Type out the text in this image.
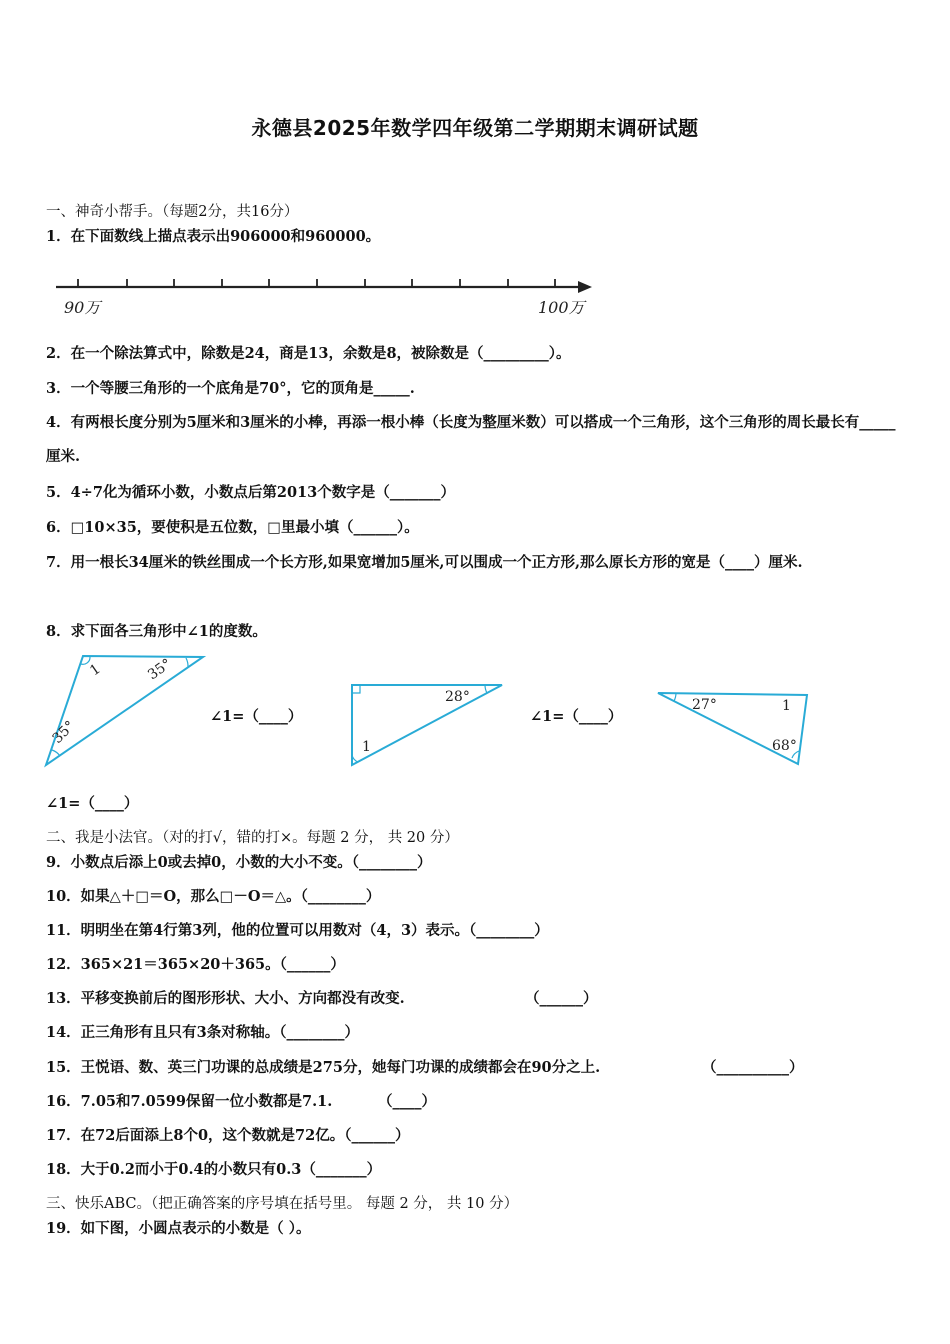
永德县2025年数学四年级第二学期期末调研试题
一、神奇小帮手。（每题2分，共16分）
1．在下面数线上描点表示出906000和960000。
90万	100万
2．在一个除法算式中，除数是24，商是13，余数是8，被除数是（_________）。
3．一个等腰三角形的一个底角是70°，它的顶角是_____.
4．有两根长度分别为5厘米和3厘米的小棒，再添一根小棒（长度为整厘米数）可以搭成一个三角形，这个三角形的周长最长有_____厘米.
5．4÷7化为循环小数，小数点后第2013个数字是（_______）
6．□10×35，要使积是五位数，□里最小填（______）。
7．用一根长34厘米的铁丝围成一个长方形,如果宽增加5厘米,可以围成一个正方形,那么原长方形的宽是（____）厘米.
8．求下面各三角形中∠1的度数。
1	35°
35°
∠1=（____）
28°
1
∠1=（____）
27°	1
68°
∠1=（____）
二、我是小法官。（对的打√，错的打×。每题 2 分， 共 20 分）
9．小数点后添上0或去掉0，小数的大小不变。（________）
10．如果△＋□＝O，那么□－O＝△。（________）
11．明明坐在第4行第3列，他的位置可以用数对（4，3）表示。（________）
12．365×21＝365×20＋365。（______）
13．平移变换前后的图形形状、大小、方向都没有改变.	（______）
14．正三角形有且只有3条对称轴。（________）
15．王悦语、数、英三门功课的总成绩是275分，她每门功课的成绩都会在90分之上.	（__________）
16．7.05和7.0599保留一位小数都是7.1.	（____）
17．在72后面添上8个0，这个数就是72亿。（______）
18．大于0.2而小于0.4的小数只有0.3（_______）
三、快乐ABC。（把正确答案的序号填在括号里。 每题 2 分， 共 10 分）
19．如下图，小圆点表示的小数是（ ）。
